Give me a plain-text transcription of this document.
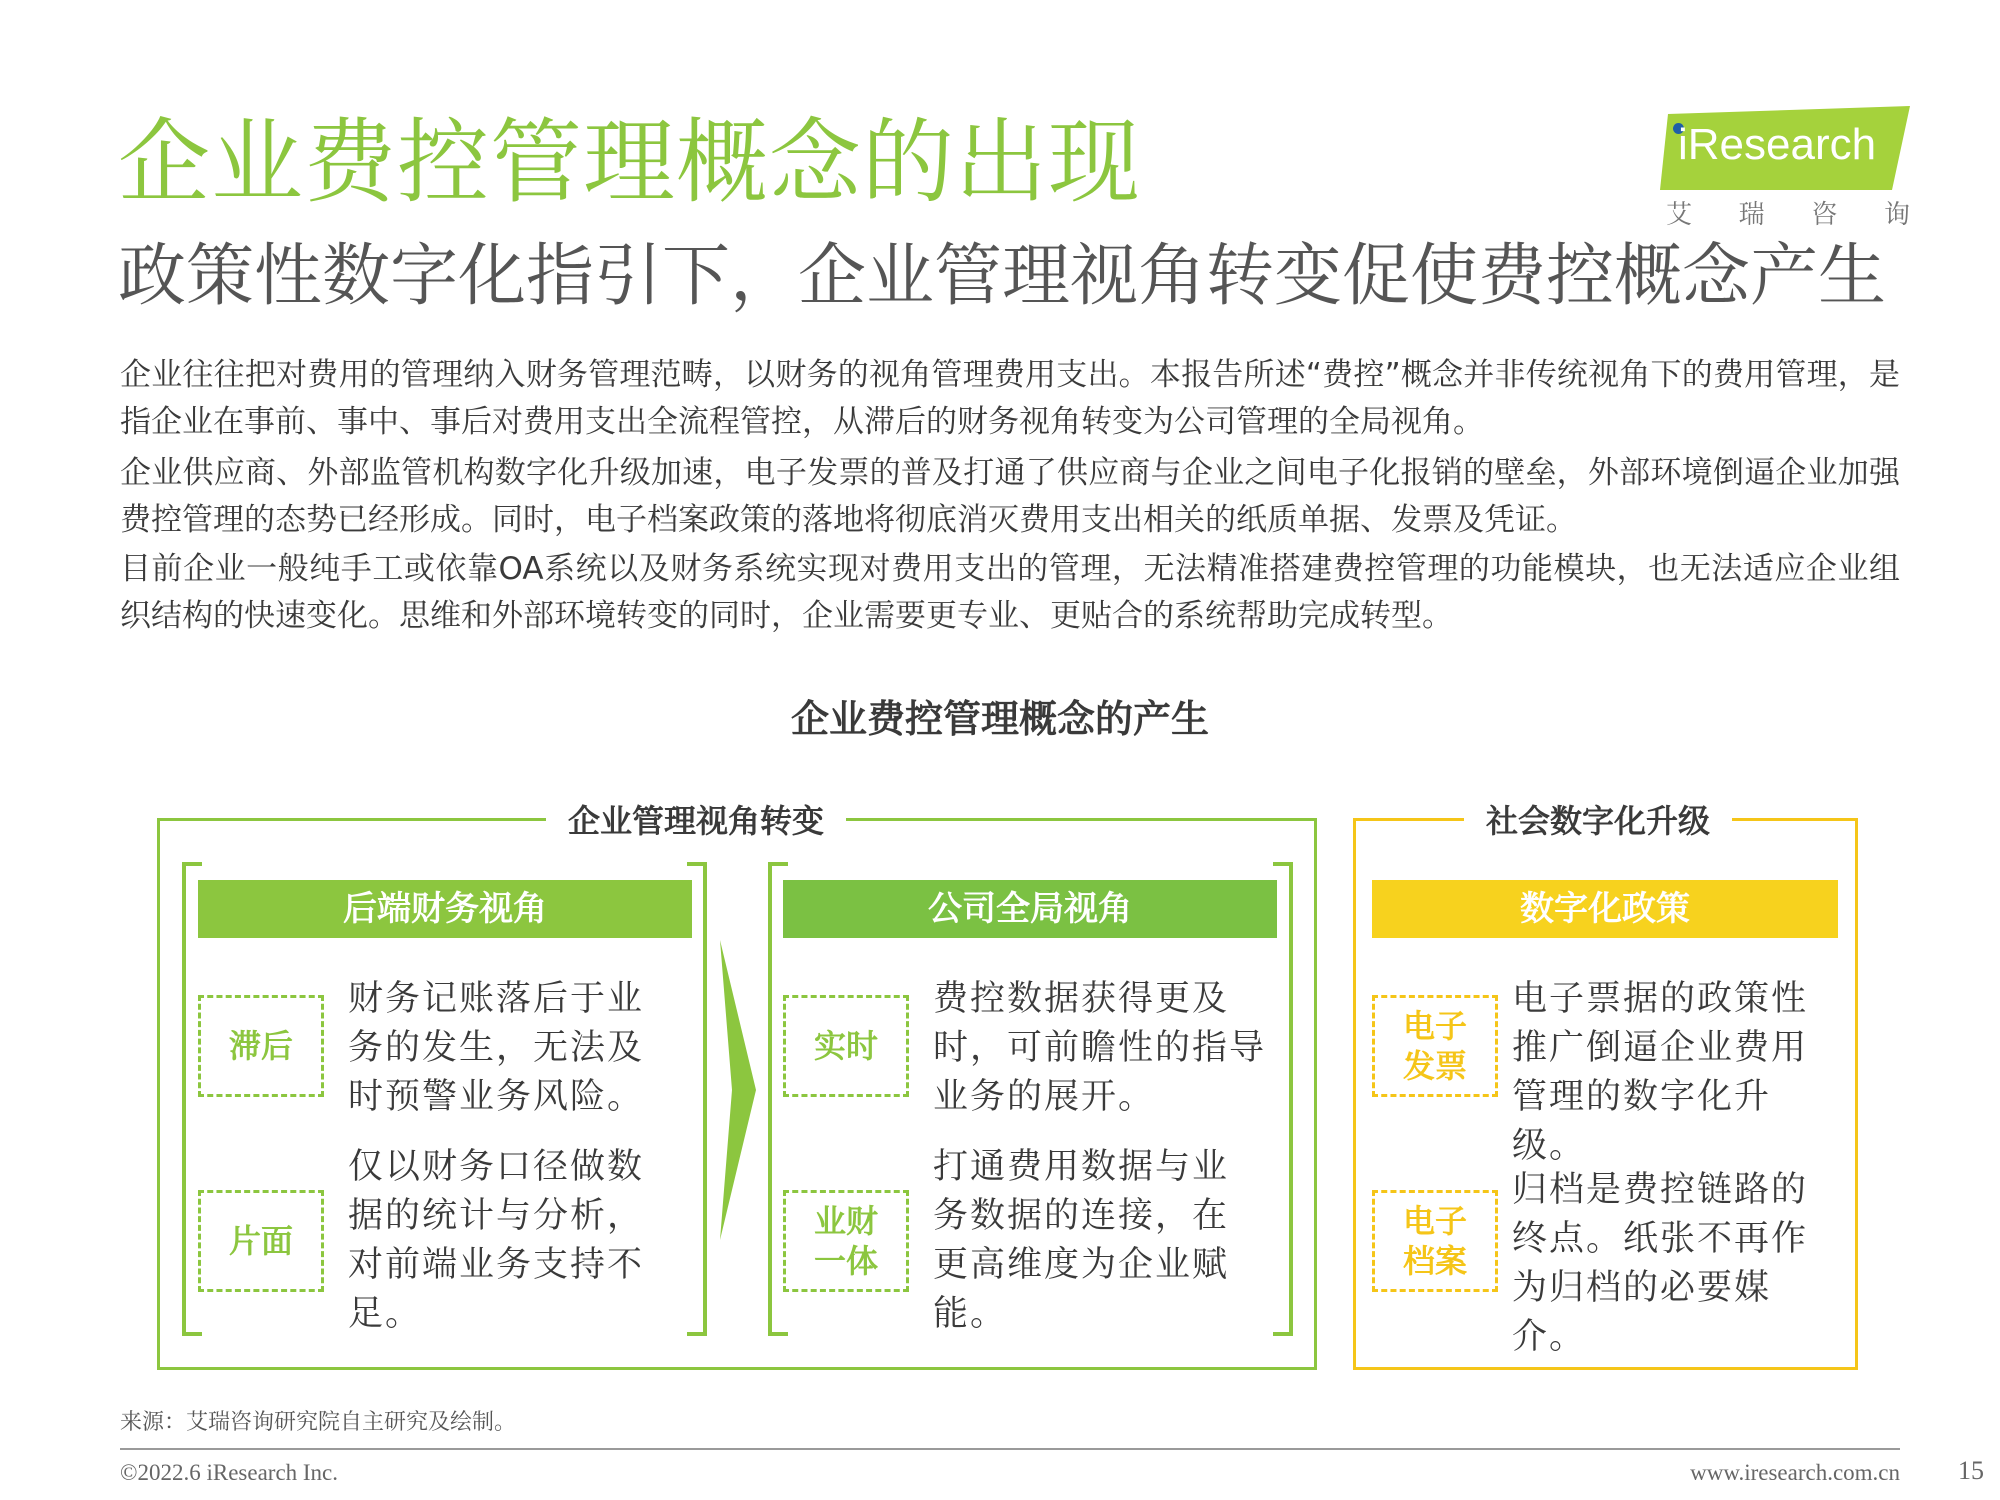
企业费控管理概念的出现
政策性数字化指引下，企业管理视角转变促使费控概念产生
iResearch
艾 瑞 咨 询
企业往往把对费用的管理纳入财务管理范畴，以财务的视角管理费用支出。本报告所述“费控”概念并非传统视角下的费用管理，是指企业在事前、事中、事后对费用支出全流程管控，从滞后的财务视角转变为公司管理的全局视角。
企业供应商、外部监管机构数字化升级加速，电子发票的普及打通了供应商与企业之间电子化报销的壁垒，外部环境倒逼企业加强费控管理的态势已经形成。同时，电子档案政策的落地将彻底消灭费用支出相关的纸质单据、发票及凭证。
目前企业一般纯手工或依靠OA系统以及财务系统实现对费用支出的管理，无法精准搭建费控管理的功能模块，也无法适应企业组织结构的快速变化。思维和外部环境转变的同时，企业需要更专业、更贴合的系统帮助完成转型。
企业费控管理概念的产生
企业管理视角转变
后端财务视角
滞后
财务记账落后于业务的发生，无法及时预警业务风险。
片面
仅以财务口径做数据的统计与分析，对前端业务支持不足。
公司全局视角
实时
费控数据获得更及时，可前瞻性的指导业务的展开。
业财一体
打通费用数据与业务数据的连接，在更高维度为企业赋能。
社会数字化升级
数字化政策
电子发票
电子票据的政策性推广倒逼企业费用管理的数字化升级。
电子档案
归档是费控链路的终点。纸张不再作为归档的必要媒介。
来源：艾瑞咨询研究院自主研究及绘制。
©2022.6 iResearch Inc.	www.iresearch.com.cn 15
